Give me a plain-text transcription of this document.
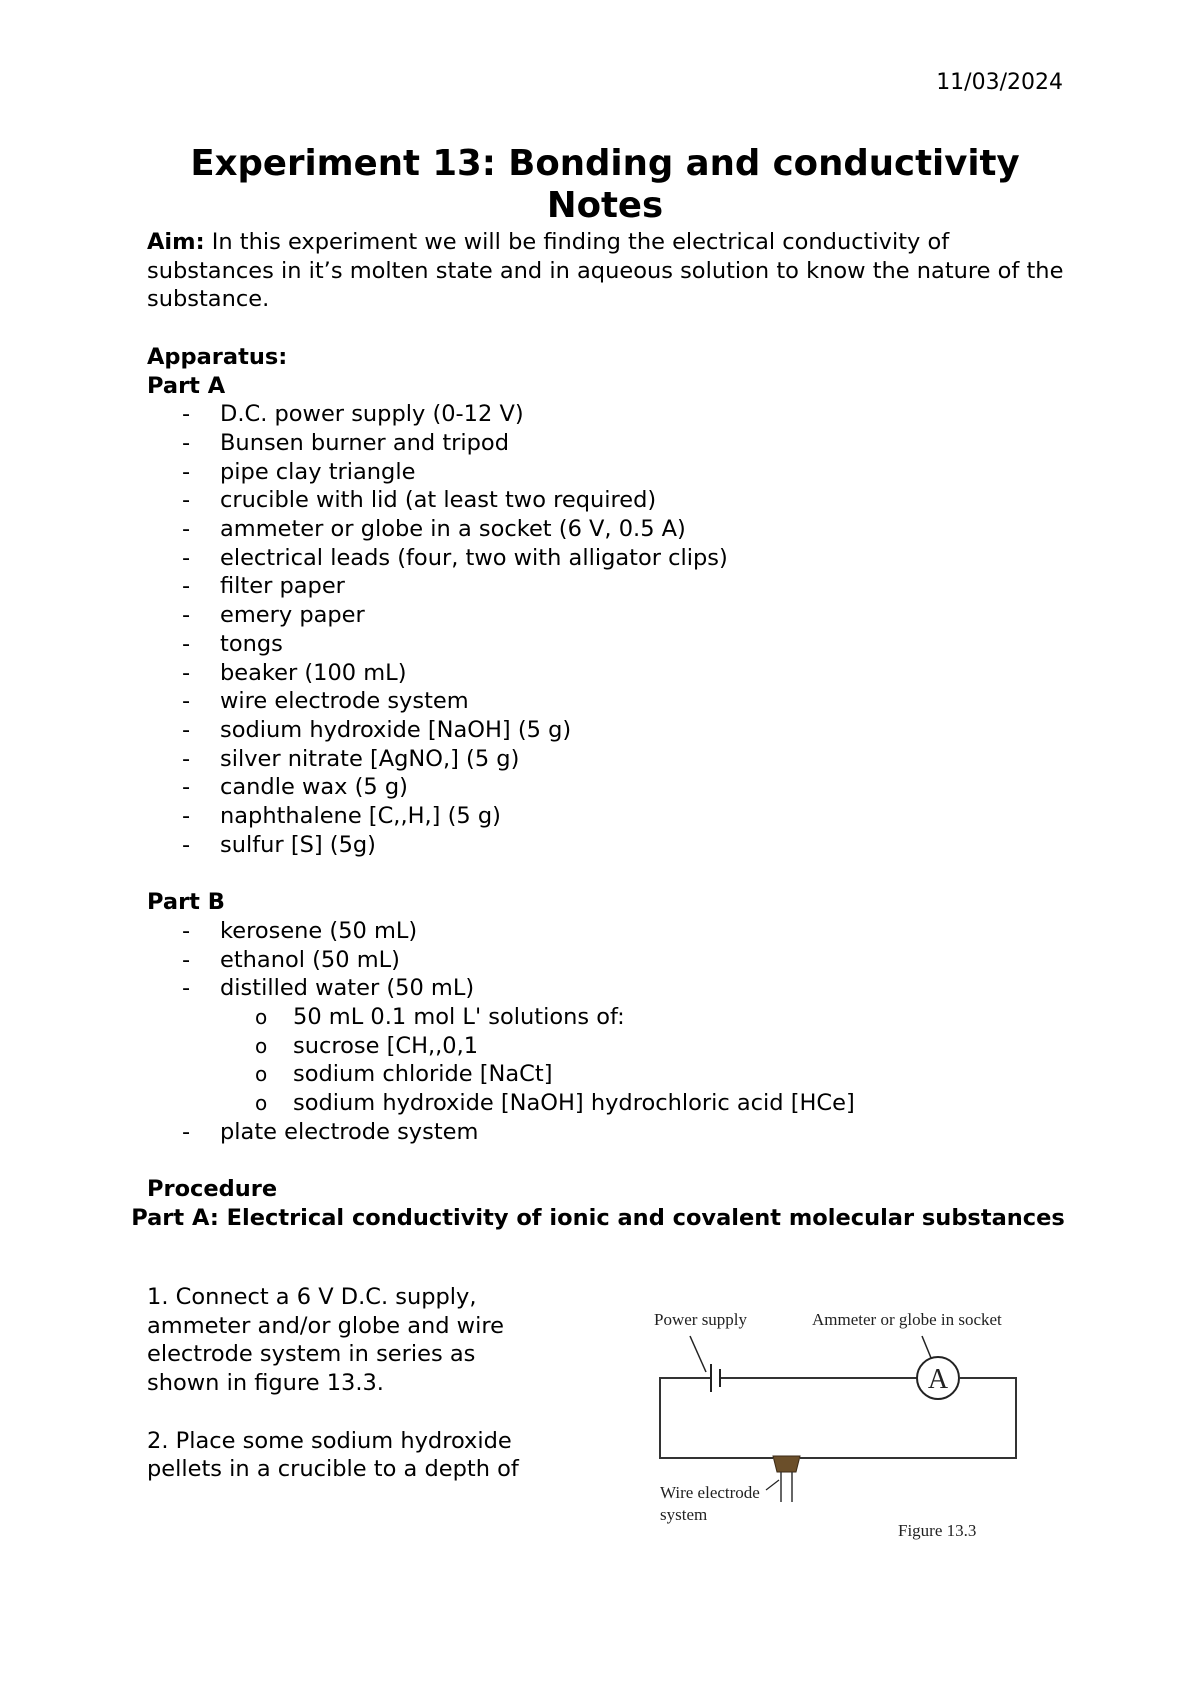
11/03/2024
Experiment 13: Bonding and conductivity
Notes
Aim: In this experiment we will be finding the electrical conductivity of substances in it’s molten state and in aqueous solution to know the nature of the substance.
Apparatus:
Part A
- D.C. power supply (0-12 V)
- Bunsen burner and tripod
- pipe clay triangle
- crucible with lid (at least two required)
- ammeter or globe in a socket (6 V, 0.5 A)
- electrical leads (four, two with alligator clips)
- filter paper
- emery paper
- tongs
- beaker (100 mL)
- wire electrode system
- sodium hydroxide [NaOH] (5 g)
- silver nitrate [AgNO,] (5 g)
- candle wax (5 g)
- naphthalene [C,,H,] (5 g)
- sulfur [S] (5g)
Part B
- kerosene (50 mL)
- ethanol (50 mL)
- distilled water (50 mL)
o 50 mL 0.1 mol L' solutions of:
o sucrose [CH,,0,1
o sodium chloride [NaCt]
o sodium hydroxide [NaOH] hydrochloric acid [HCe]
- plate electrode system
Procedure
Part A: Electrical conductivity of ionic and covalent molecular substances
1. Connect a 6 V D.C. supply, ammeter and/or globe and wire electrode system in series as shown in figure 13.3.
2. Place some sodium hydroxide pellets in a crucible to a depth of
Power supply	Ammeter or globe in socket
A
Wire electrode
system
Figure 13.3
